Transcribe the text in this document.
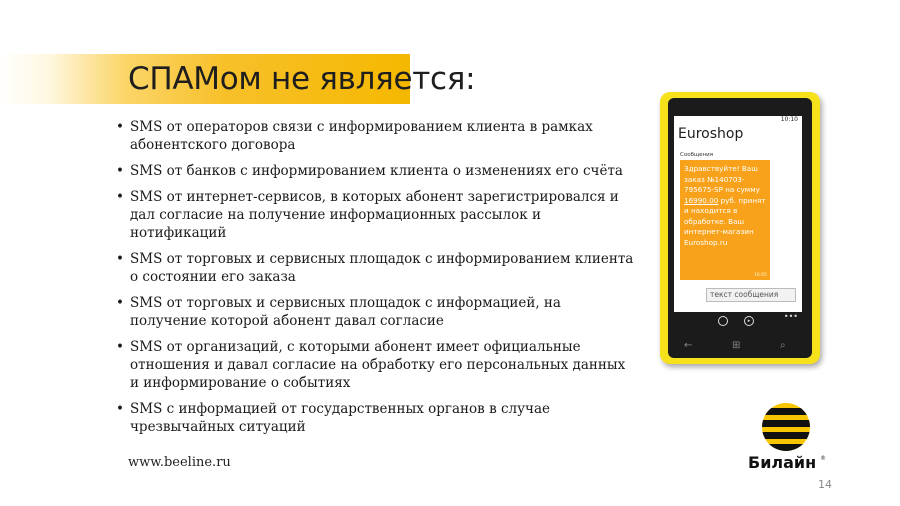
СПАМом не является:
• SMS от операторов связи с информированием клиента в рамках абонентского договора
• SMS от банков с информированием клиента о изменениях его счёта
• SMS от интернет-сервисов, в которых абонент зарегистрировался и дал согласие на получение информационных рассылок и нотификаций
• SMS от торговых и сервисных площадок с информированием клиента о состоянии его заказа
• SMS от торговых и сервисных площадок с информацией, на получение которой абонент давал согласие
• SMS от организаций, с которыми абонент имеет официальные отношения и давал согласие на обработку его персональных данных и информирование о событиях
• SMS с информацией от государственных органов в случае чрезвычайных ситуаций
10:10
Euroshop
Сообщения
Здравствуйте! Ваш заказ №140703-795675-SP на сумму 16990.00 руб. принят и находится в обработке. Ваш интернет-магазин Euroshop.ru
16:05
текст сообщения
▸	•••
←	⊞	⌕
Билайн ®
www.beeline.ru
14
